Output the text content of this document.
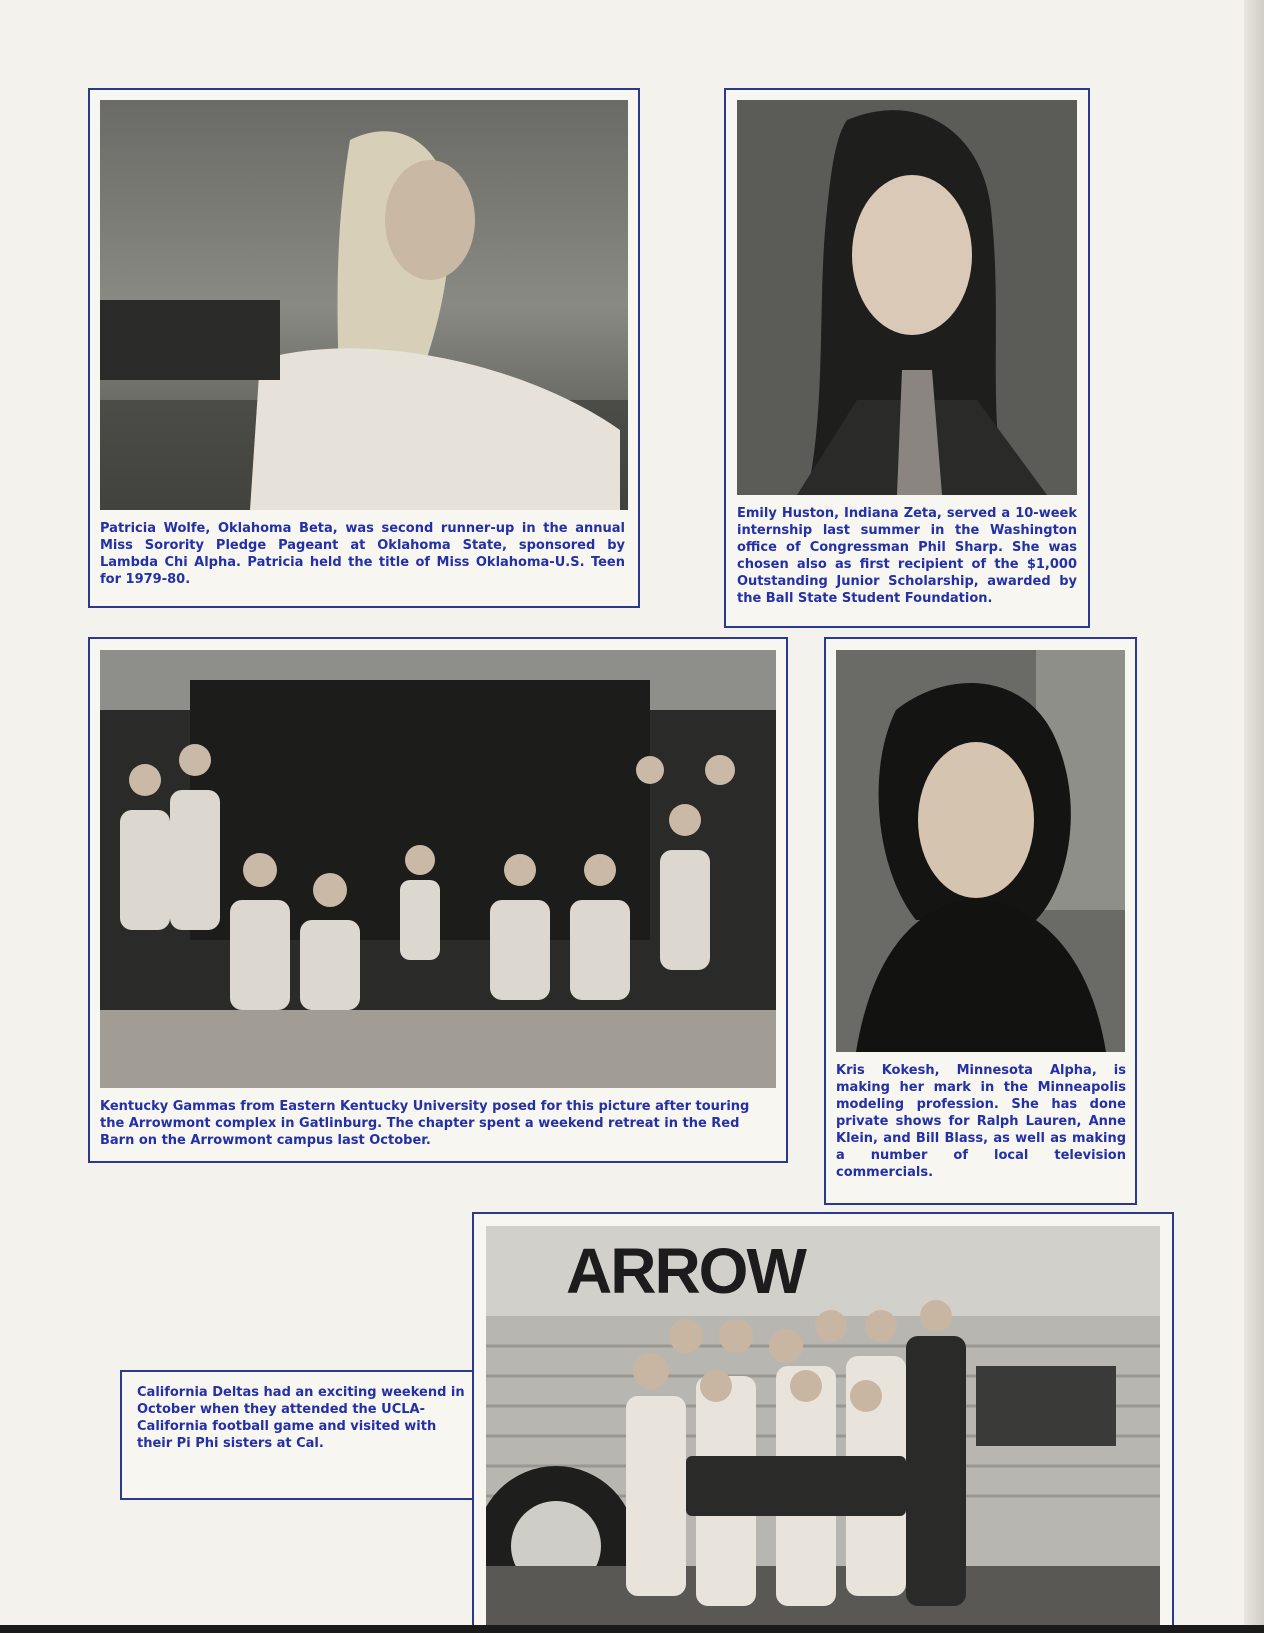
Patricia Wolfe, Oklahoma Beta, was second runner-up in the annual Miss Sorority Pledge Pageant at Oklahoma State, sponsored by Lambda Chi Alpha. Patricia held the title of Miss Oklahoma-U.S. Teen for 1979-80.
Emily Huston, Indiana Zeta, served a 10-week internship last summer in the Washington office of Congressman Phil Sharp. She was chosen also as first recipient of the $1,000 Outstanding Junior Scholarship, awarded by the Ball State Student Foundation.
Kentucky Gammas from Eastern Kentucky University posed for this picture after touring the Arrowmont complex in Gatlinburg. The chapter spent a weekend retreat in the Red Barn on the Arrowmont campus last October.
Kris Kokesh, Minnesota Alpha, is making her mark in the Minneapolis modeling profession. She has done private shows for Ralph Lauren, Anne Klein, and Bill Blass, as well as making a number of local television commercials.
ARROW
California Deltas had an exciting weekend in October when they attended the UCLA-California football game and visited with their Pi Phi sisters at Cal.
